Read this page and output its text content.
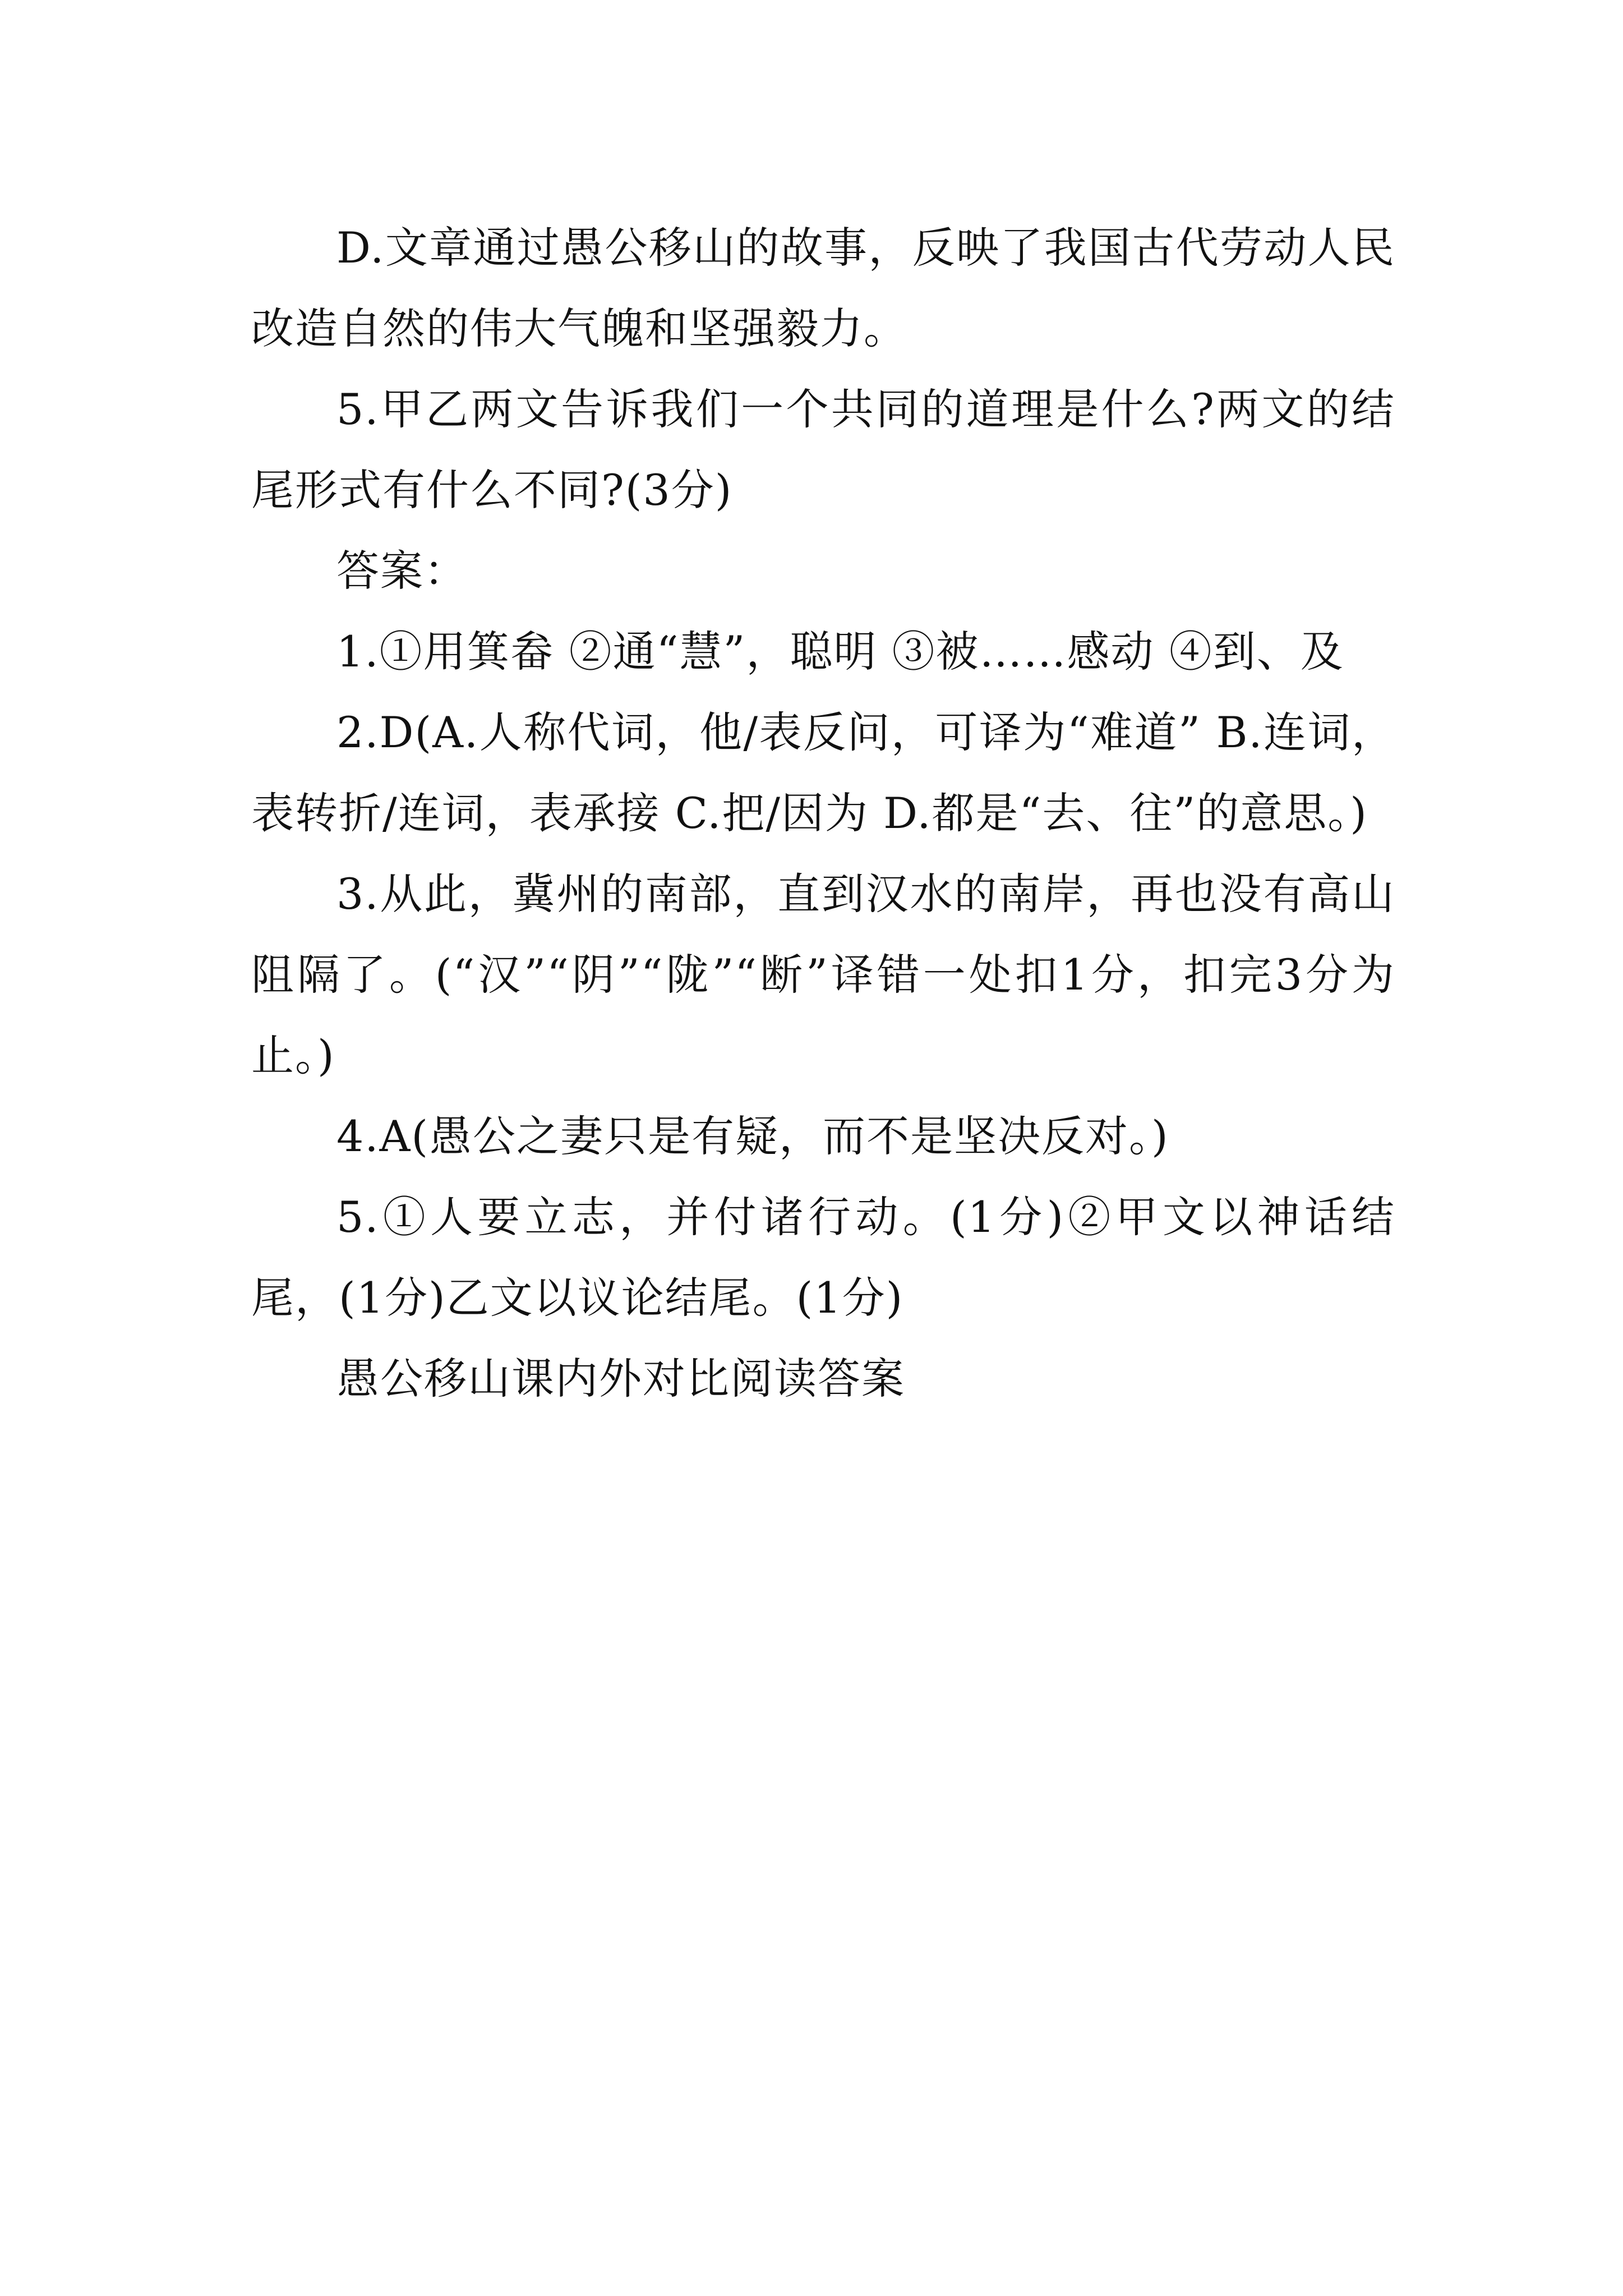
D.文章通过愚公移山的故事，反映了我国古代劳动人民改造自然的伟大气魄和坚强毅力。

5.甲乙两文告诉我们一个共同的道理是什么?两文的结尾形式有什么不同?(3分)

答案：

1.①用箕畚 ②通“慧”，聪明 ③被……感动 ④到、及

2.D(A.人称代词，他/表反问，可译为“难道” B.连词，表转折/连词，表承接 C.把/因为 D.都是“去、往”的意思。)

3.从此，冀州的南部，直到汉水的南岸，再也没有高山阻隔了。(“汉”“阴”“陇”“断”译错一处扣1分，扣完3分为止。)

4.A(愚公之妻只是有疑，而不是坚决反对。)

5.①人要立志，并付诸行动。(1分)②甲文以神话结尾，(1分)乙文以议论结尾。(1分)

愚公移山课内外对比阅读答案
